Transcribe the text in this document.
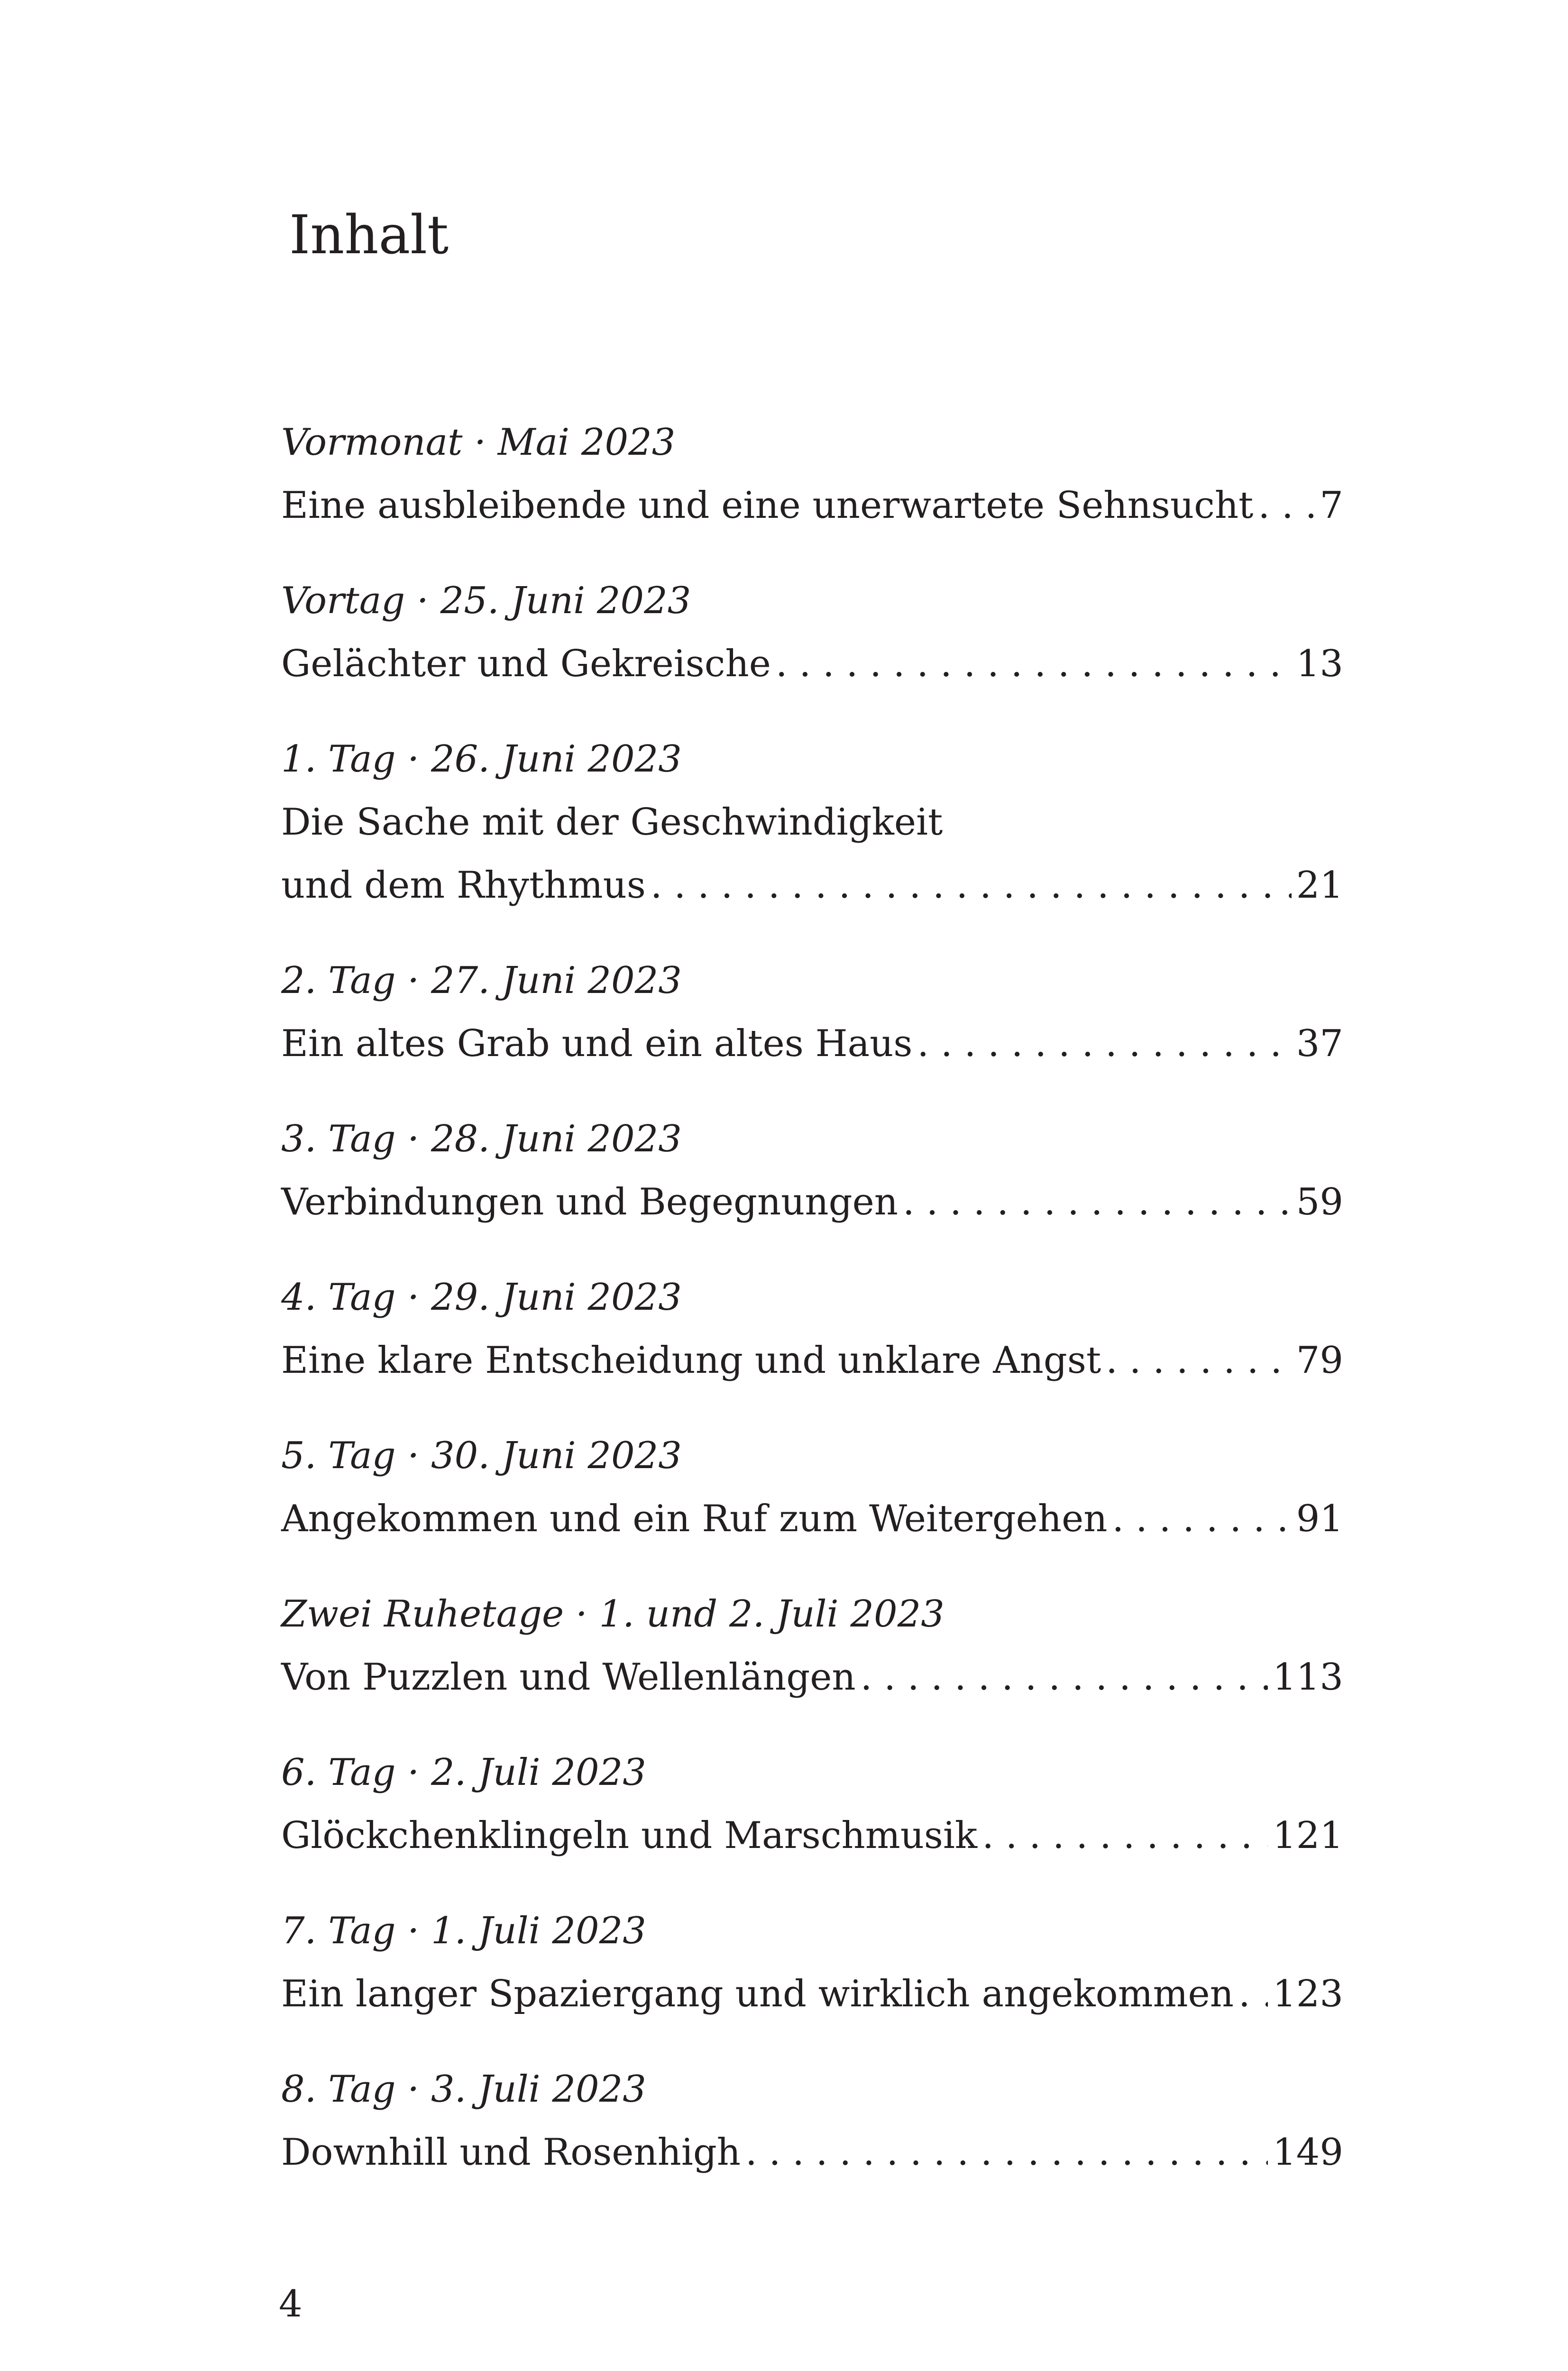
Inhalt
Vormonat · Mai 2023
Eine ausbleibende und eine unerwartete Sehnsucht . . . 7
Vortag · 25. Juni 2023
Gelächter und Gekreische . . .	13
1. Tag · 26. Juni 2023
Die Sache mit der Geschwindigkeit
und dem Rhythmus . . .	21
2. Tag · 27. Juni 2023
Ein altes Grab und ein altes Haus . . .	37
3. Tag · 28. Juni 2023
Verbindungen und Begegnungen . . .	59
4. Tag · 29. Juni 2023
Eine klare Entscheidung und unklare Angst . . .	79
5. Tag · 30. Juni 2023
Angekommen und ein Ruf zum Weitergehen . . .	91
Zwei Ruhetage · 1. und 2. Juli 2023
Von Puzzlen und Wellenlängen . . .	113
6. Tag · 2. Juli 2023
Glöckchenklingeln und Marschmusik . . .	121
7. Tag · 1. Juli 2023
Ein langer Spaziergang und wirklich angekommen . . . 123
8. Tag · 3. Juli 2023
Downhill und Rosenhigh . . .	149
4
